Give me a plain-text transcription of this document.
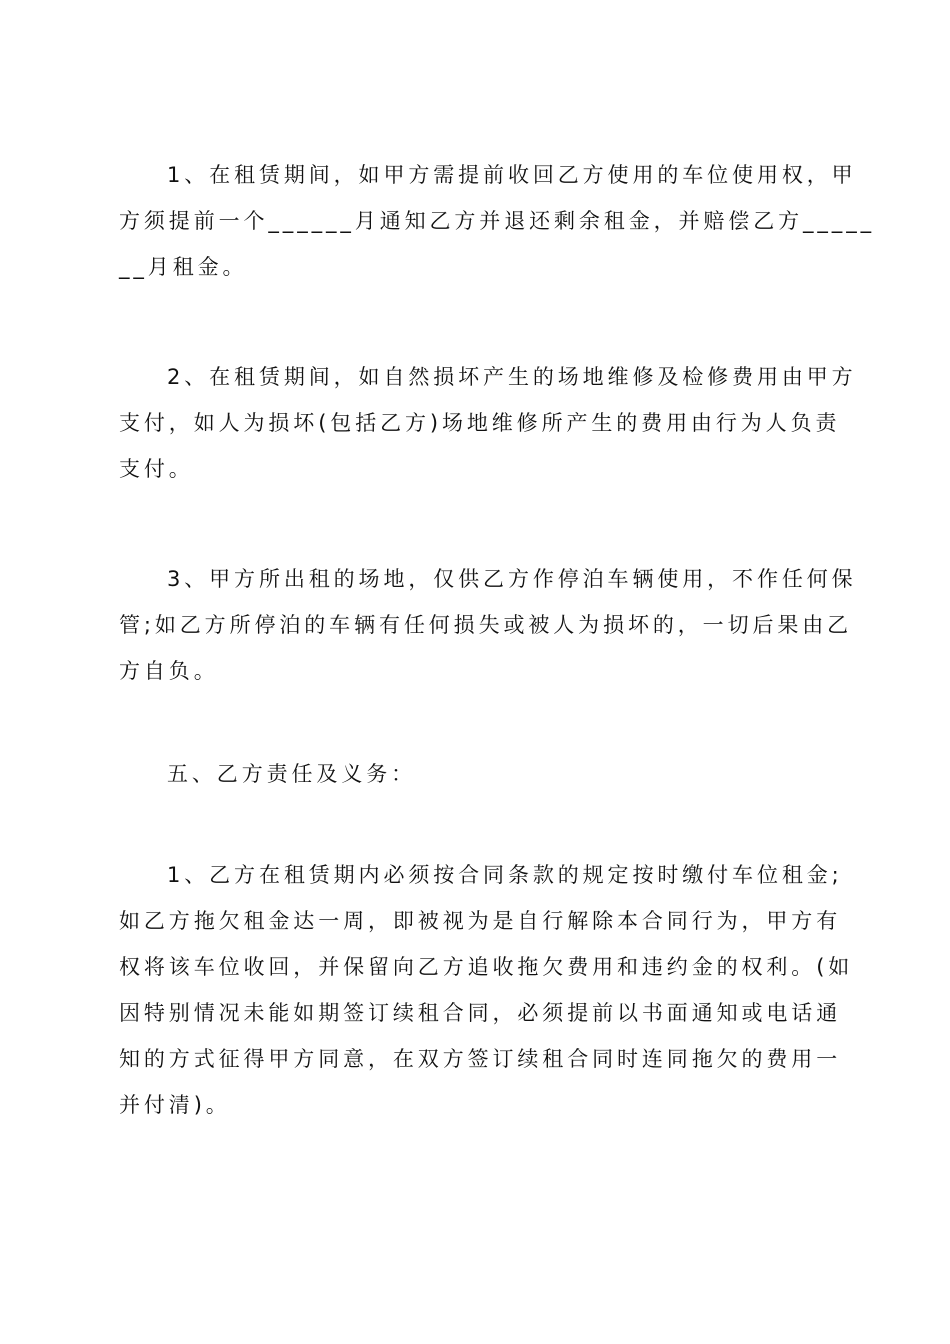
1、在租赁期间，如甲方需提前收回乙方使用的车位使用权，甲
方须提前一个______月通知乙方并退还剩余租金，并赔偿乙方_____
__月租金。
2、在租赁期间，如自然损坏产生的场地维修及检修费用由甲方
支付，如人为损坏(包括乙方)场地维修所产生的费用由行为人负责
支付。
3、甲方所出租的场地，仅供乙方作停泊车辆使用，不作任何保
管;如乙方所停泊的车辆有任何损失或被人为损坏的，一切后果由乙
方自负。
五、乙方责任及义务：
1、乙方在租赁期内必须按合同条款的规定按时缴付车位租金;
如乙方拖欠租金达一周，即被视为是自行解除本合同行为，甲方有
权将该车位收回，并保留向乙方追收拖欠费用和违约金的权利。(如
因特别情况未能如期签订续租合同，必须提前以书面通知或电话通
知的方式征得甲方同意，在双方签订续租合同时连同拖欠的费用一
并付清)。
